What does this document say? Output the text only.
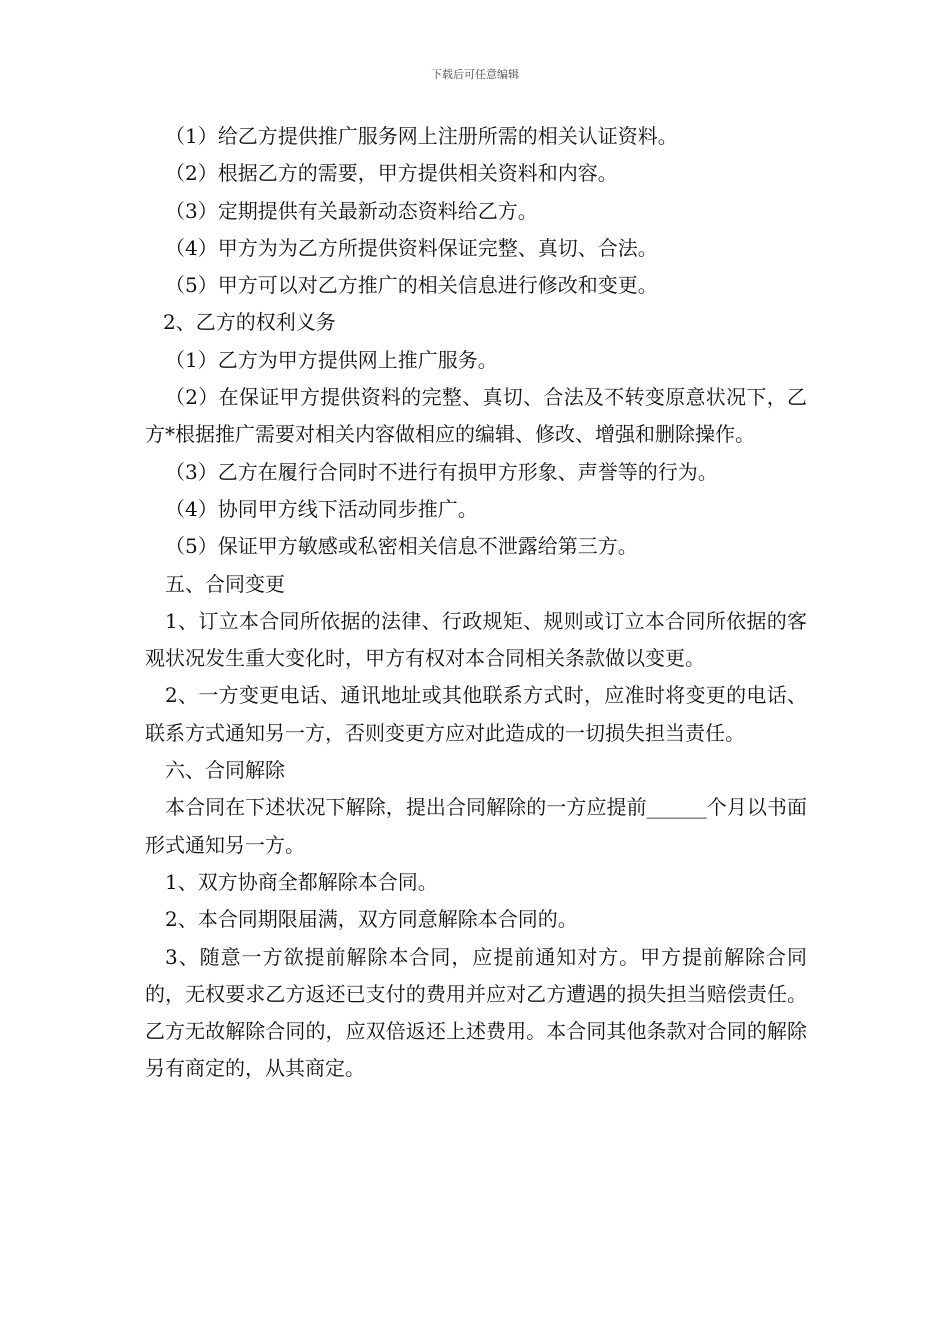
下载后可任意编辑

（1）给乙方提供推广服务网上注册所需的相关认证资料。

（2）根据乙方的需要，甲方提供相关资料和内容。

（3）定期提供有关最新动态资料给乙方。

（4）甲方为为乙方所提供资料保证完整、真切、合法。

（5）甲方可以对乙方推广的相关信息进行修改和变更。

2、乙方的权利义务

（1）乙方为甲方提供网上推广服务。

（2）在保证甲方提供资料的完整、真切、合法及不转变原意状况下，乙方*根据推广需要对相关内容做相应的编辑、修改、增强和删除操作。

（3）乙方在履行合同时不进行有损甲方形象、声誉等的行为。

（4）协同甲方线下活动同步推广。

（5）保证甲方敏感或私密相关信息不泄露给第三方。

五、合同变更

1、订立本合同所依据的法律、行政规矩、规则或订立本合同所依据的客观状况发生重大变化时，甲方有权对本合同相关条款做以变更。

2、一方变更电话、通讯地址或其他联系方式时，应准时将变更的电话、联系方式通知另一方，否则变更方应对此造成的一切损失担当责任。

六、合同解除

本合同在下述状况下解除，提出合同解除的一方应提前______个月以书面形式通知另一方。

1、双方协商全都解除本合同。

2、本合同期限届满，双方同意解除本合同的。

3、随意一方欲提前解除本合同，应提前通知对方。甲方提前解除合同的，无权要求乙方返还已支付的费用并应对乙方遭遇的损失担当赔偿责任。乙方无故解除合同的，应双倍返还上述费用。本合同其他条款对合同的解除另有商定的，从其商定。
